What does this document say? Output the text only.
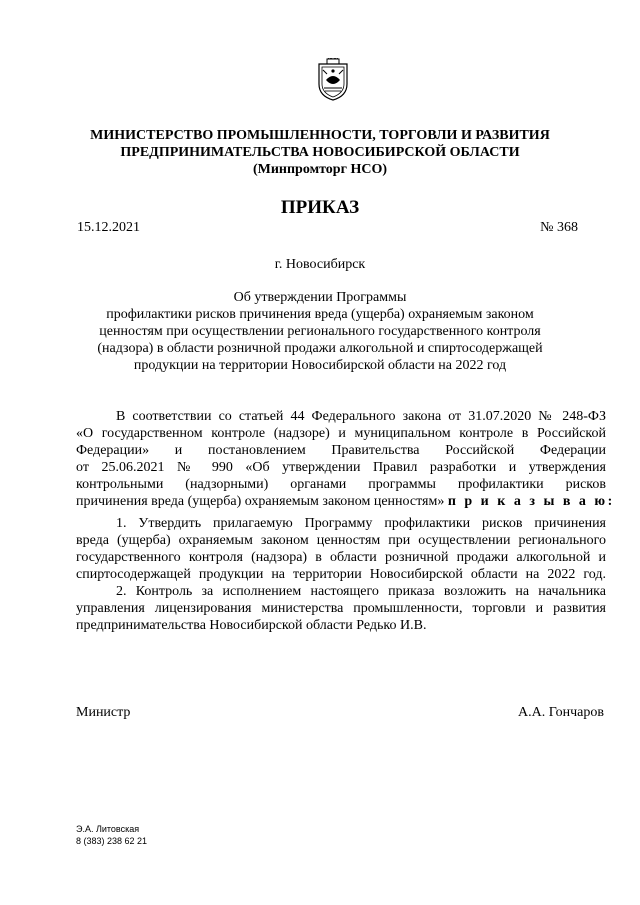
МИНИСТЕРСТВО ПРОМЫШЛЕННОСТИ, ТОРГОВЛИ И РАЗВИТИЯ
ПРЕДПРИНИМАТЕЛЬСТВА НОВОСИБИРСКОЙ ОБЛАСТИ
(Минпромторг НСО)
ПРИКАЗ
15.12.2021	№ 368
г. Новосибирск
Об утверждении Программы
профилактики рисков причинения вреда (ущерба) охраняемым законом
ценностям при осуществлении регионального государственного контроля
(надзора) в области розничной продажи алкогольной и спиртосодержащей
продукции на территории Новосибирской области на 2022 год
В соответствии со статьей 44 Федерального закона от 31.07.2020 № 248-ФЗ
«О государственном контроле (надзоре) и муниципальном контроле в Российской
Федерации» и постановлением Правительства Российской Федерации
от 25.06.2021 № 990 «Об утверждении Правил разработки и утверждения
контрольными (надзорными) органами программы профилактики рисков
причинения вреда (ущерба) охраняемым законом ценностям» п р и к а з ы в а ю:
1. Утвердить прилагаемую Программу профилактики рисков причинения
вреда (ущерба) охраняемым законом ценностям при осуществлении регионального
государственного контроля (надзора) в области розничной продажи алкогольной и
спиртосодержащей продукции на территории Новосибирской области на 2022 год.
2. Контроль за исполнением настоящего приказа возложить на начальника
управления лицензирования министерства промышленности, торговли и развития
предпринимательства Новосибирской области Редько И.В.
Министр	А.А. Гончаров
Э.А. Литовская
8 (383) 238 62 21
